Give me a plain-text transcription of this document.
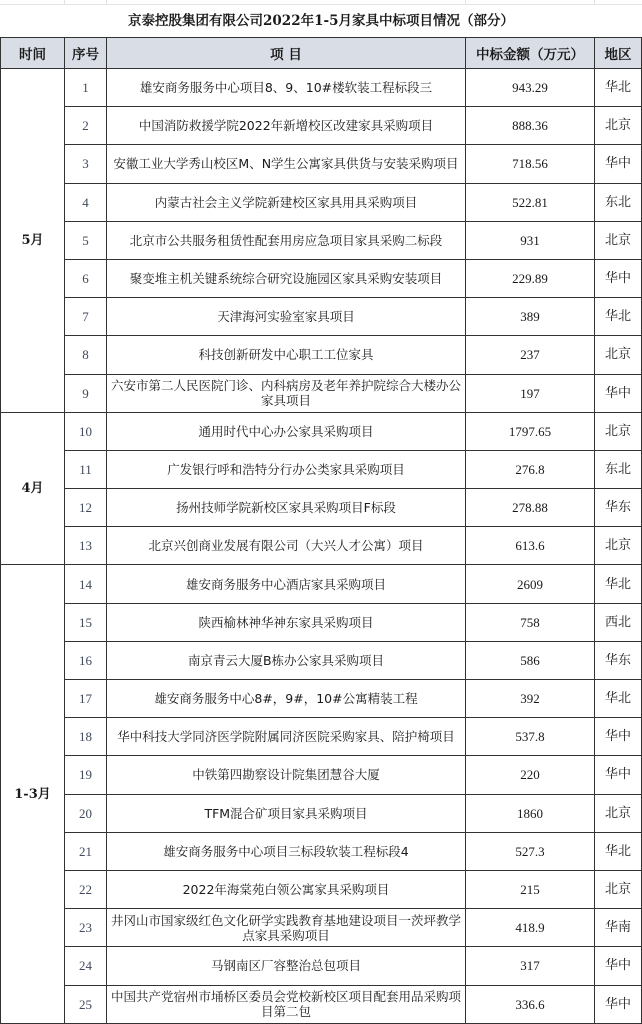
京泰控股集团有限公司2022年1-5月家具中标项目情况（部分）
时间	序号	项 目	中标金额（万元）	地区
5月	1	雄安商务服务中心项目8、9、10#楼软装工程标段三	943.29	华北
	2	中国消防救援学院2022年新增校区改建家具采购项目	888.36	北京
	3	安徽工业大学秀山校区M、N学生公寓家具供货与安装采购项目	718.56	华中
	4	内蒙古社会主义学院新建校区家具用具采购项目	522.81	东北
	5	北京市公共服务租赁性配套用房应急项目家具采购二标段	931	北京
	6	聚变堆主机关键系统综合研究设施园区家具采购安装项目	229.89	华中
	7	天津海河实验室家具项目	389	华北
	8	科技创新研发中心职工工位家具	237	北京
	9	六安市第二人民医院门诊、内科病房及老年养护院综合大楼办公家具项目	197	华中
4月	10	通用时代中心办公家具采购项目	1797.65	北京
	11	广发银行呼和浩特分行办公类家具采购项目	276.8	东北
	12	扬州技师学院新校区家具采购项目F标段	278.88	华东
	13	北京兴创商业发展有限公司（大兴人才公寓）项目	613.6	北京
1-3月	14	雄安商务服务中心酒店家具采购项目	2609	华北
	15	陕西榆林神华神东家具采购项目	758	西北
	16	南京青云大厦B栋办公家具采购项目	586	华东
	17	雄安商务服务中心8#，9#，10#公寓精装工程	392	华北
	18	华中科技大学同济医学院附属同济医院采购家具、陪护椅项目	537.8	华中
	19	中铁第四勘察设计院集团慧谷大厦	220	华中
	20	TFM混合矿项目家具采购项目	1860	北京
	21	雄安商务服务中心项目三标段软装工程标段4	527.3	华北
	22	2022年海棠苑白领公寓家具采购项目	215	北京
	23	井冈山市国家级红色文化研学实践教育基地建设项目一茨坪教学点家具采购项目	418.9	华南
	24	马钢南区厂容整治总包项目	317	华中
	25	中国共产党宿州市埇桥区委员会党校新校区项目配套用品采购项目第二包	336.6	华中
